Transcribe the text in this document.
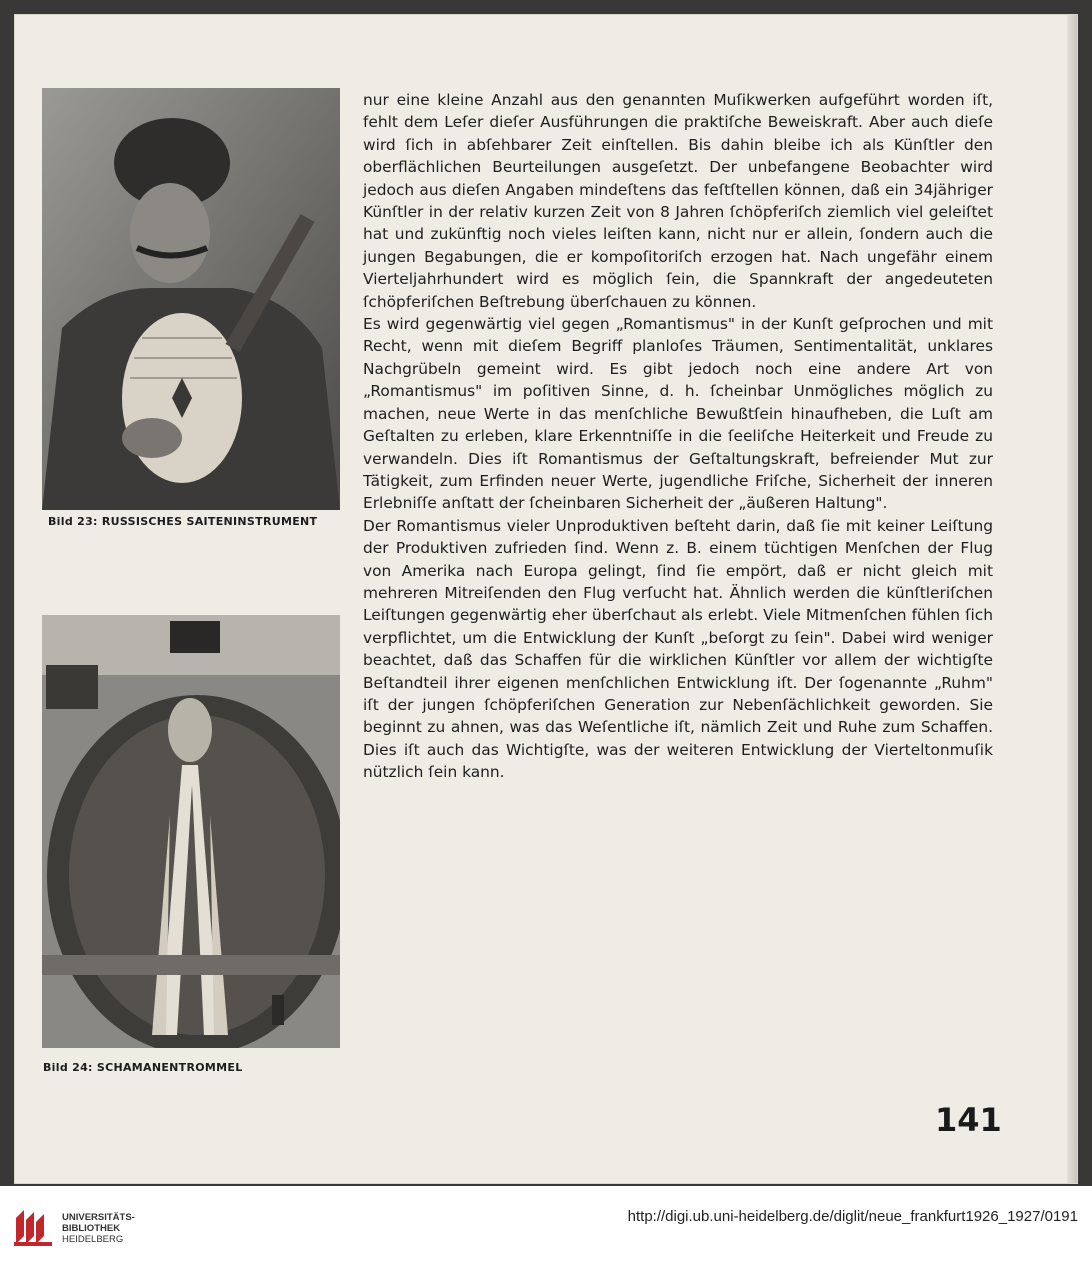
Bild 23: RUSSISCHES SAITENINSTRUMENT
Bild 24: SCHAMANENTROMMEL

nur eine kleine Anzahl aus den genannten Muſikwerken aufgeführt worden iſt, fehlt dem Leſer dieſer Ausführungen die praktiſche Beweiskraft. Aber auch dieſe wird ſich in abſehbarer Zeit einſtellen. Bis dahin bleibe ich als Künſtler den oberflächlichen Beurteilungen ausgeſetzt. Der unbefangene Beobachter wird jedoch aus dieſen Angaben mindeſtens das feſtſtellen können, daß ein 34jähriger Künſtler in der relativ kurzen Zeit von 8 Jahren ſchöpferiſch ziemlich viel geleiſtet hat und zukünftig noch vieles leiſten kann, nicht nur er allein, ſondern auch die jungen Begabungen, die er kompoſitoriſch erzogen hat. Nach ungefähr einem Vierteljahrhundert wird es möglich ſein, die Spannkraft der angedeuteten ſchöpferiſchen Beſtrebung überſchauen zu können.

Es wird gegenwärtig viel gegen „Romantismus" in der Kunſt geſprochen und mit Recht, wenn mit dieſem Begriff planloſes Träumen, Sentimentalität, unklares Nachgrübeln gemeint wird. Es gibt jedoch noch eine andere Art von „Romantismus" im poſitiven Sinne, d. h. ſcheinbar Unmögliches möglich zu machen, neue Werte in das menſchliche Bewußtſein hinaufheben, die Luſt am Geſtalten zu erleben, klare Erkenntniſſe in die ſeeliſche Heiterkeit und Freude zu verwandeln. Dies iſt Romantismus der Geſtaltungskraft, befreiender Mut zur Tätigkeit, zum Erfinden neuer Werte, jugendliche Friſche, Sicherheit der inneren Erlebniſſe anſtatt der ſcheinbaren Sicherheit der „äußeren Haltung".

Der Romantismus vieler Unproduktiven beſteht darin, daß ſie mit keiner Leiſtung der Produktiven zufrieden ſind. Wenn z. B. einem tüchtigen Menſchen der Flug von Amerika nach Europa gelingt, ſind ſie empört, daß er nicht gleich mit mehreren Mitreiſenden den Flug verſucht hat. Ähnlich werden die künſtleriſchen Leiſtungen gegenwärtig eher überſchaut als erlebt. Viele Mitmenſchen fühlen ſich verpflichtet, um die Entwicklung der Kunſt „beſorgt zu ſein". Dabei wird weniger beachtet, daß das Schaffen für die wirklichen Künſtler vor allem der wichtigſte Beſtandteil ihrer eigenen menſchlichen Entwicklung iſt. Der ſogenannte „Ruhm" iſt der jungen ſchöpferiſchen Generation zur Nebenſächlichkeit geworden. Sie beginnt zu ahnen, was das Weſentliche iſt, nämlich Zeit und Ruhe zum Schaffen. Dies iſt auch das Wichtigſte, was der weiteren Entwicklung der Vierteltonmuſik nützlich ſein kann.

141
UNIVERSITÄTS-
BIBLIOTHEK
HEIDELBERG
http://digi.ub.uni-heidelberg.de/diglit/neue_frankfurt1926_1927/0191
